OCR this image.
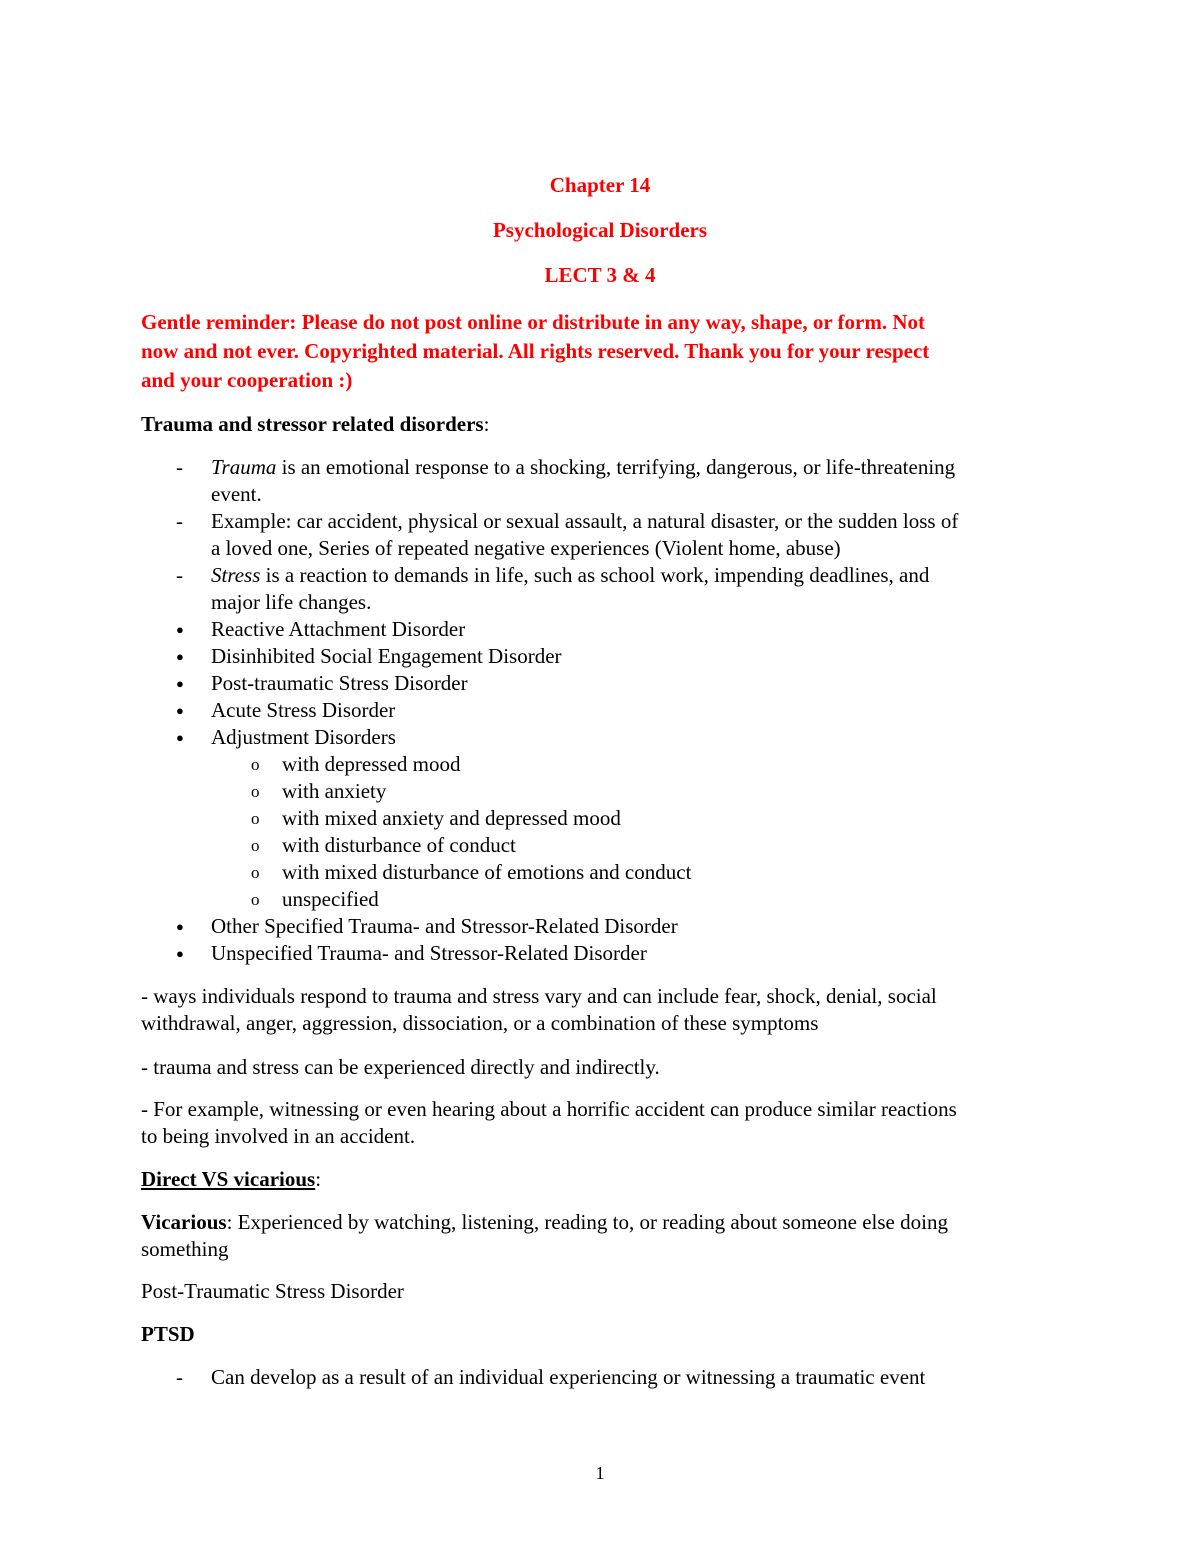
Chapter 14
Psychological Disorders
LECT 3 & 4
Gentle reminder: Please do not post online or distribute in any way, shape, or form. Not
now and not ever. Copyrighted material. All rights reserved. Thank you for your respect
and your cooperation :)
Trauma and stressor related disorders:
- Trauma is an emotional response to a shocking, terrifying, dangerous, or life-threatening
event.
- Example: car accident, physical or sexual assault, a natural disaster, or the sudden loss of
a loved one, Series of repeated negative experiences (Violent home, abuse)
- Stress is a reaction to demands in life, such as school work, impending deadlines, and
major life changes.
● Reactive Attachment Disorder
● Disinhibited Social Engagement Disorder
● Post-traumatic Stress Disorder
● Acute Stress Disorder
● Adjustment Disorders
o with depressed mood
o with anxiety
o with mixed anxiety and depressed mood
o with disturbance of conduct
o with mixed disturbance of emotions and conduct
o unspecified
● Other Specified Trauma- and Stressor-Related Disorder
● Unspecified Trauma- and Stressor-Related Disorder
- ways individuals respond to trauma and stress vary and can include fear, shock, denial, social
withdrawal, anger, aggression, dissociation, or a combination of these symptoms
- trauma and stress can be experienced directly and indirectly.
- For example, witnessing or even hearing about a horrific accident can produce similar reactions
to being involved in an accident.
Direct VS vicarious:
Vicarious: Experienced by watching, listening, reading to, or reading about someone else doing
something
Post-Traumatic Stress Disorder
PTSD
- Can develop as a result of an individual experiencing or witnessing a traumatic event
1
